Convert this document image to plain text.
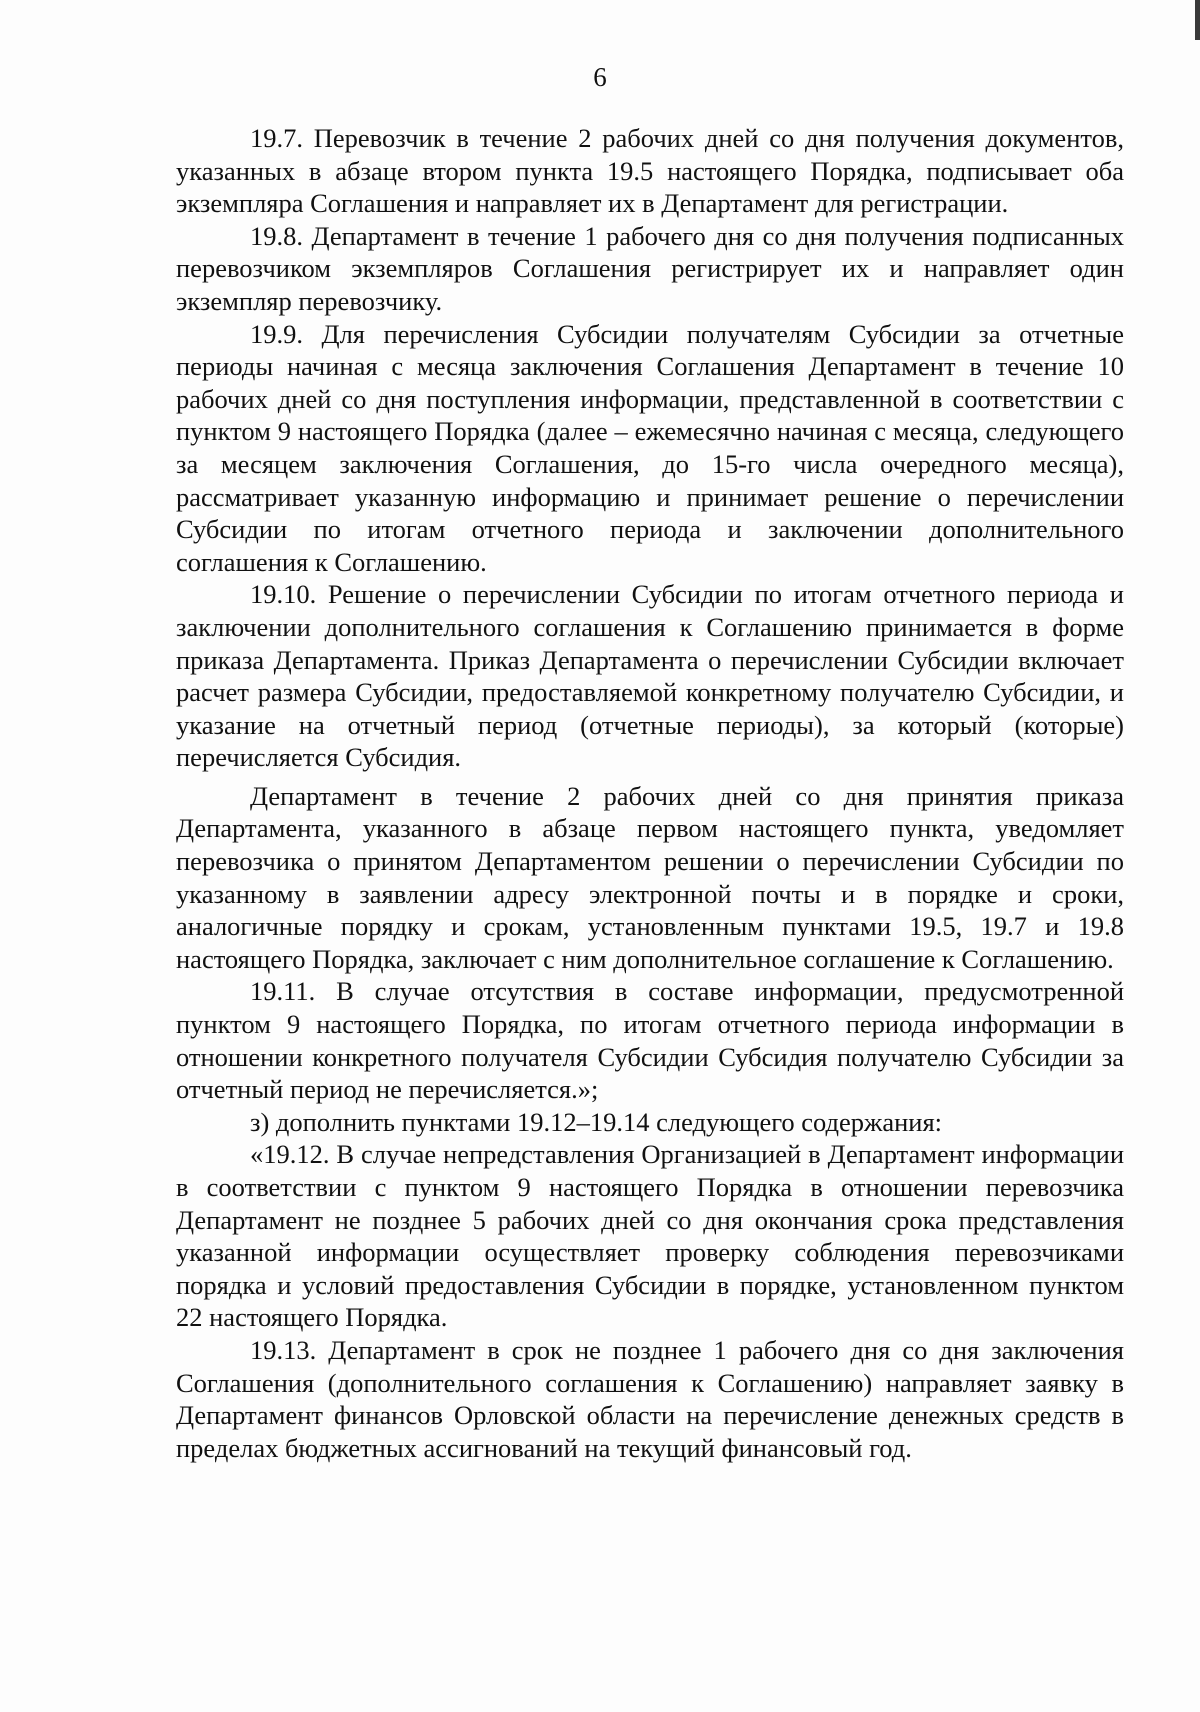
6

19.7. Перевозчик в течение 2 рабочих дней со дня получения документов, указанных в абзаце втором пункта 19.5 настоящего Порядка, подписывает оба экземпляра Соглашения и направляет их в Департамент для регистрации.

19.8. Департамент в течение 1 рабочего дня со дня получения подписанных перевозчиком экземпляров Соглашения регистрирует их и направляет один экземпляр перевозчику.

19.9. Для перечисления Субсидии получателям Субсидии за отчетные периоды начиная с месяца заключения Соглашения Департамент в течение 10 рабочих дней со дня поступления информации, представленной в соответствии с пунктом 9 настоящего Порядка (далее – ежемесячно начиная с месяца, следующего за месяцем заключения Соглашения, до 15-го числа очередного месяца), рассматривает указанную информацию и принимает решение о перечислении Субсидии по итогам отчетного периода и заключении дополнительного соглашения к Соглашению.

19.10. Решение о перечислении Субсидии по итогам отчетного периода и заключении дополнительного соглашения к Соглашению принимается в форме приказа Департамента. Приказ Департамента о перечислении Субсидии включает расчет размера Субсидии, предоставляемой конкретному получателю Субсидии, и указание на отчетный период (отчетные периоды), за который (которые) перечисляется Субсидия.

Департамент в течение 2 рабочих дней со дня принятия приказа Департамента, указанного в абзаце первом настоящего пункта, уведомляет перевозчика о принятом Департаментом решении о перечислении Субсидии по указанному в заявлении адресу электронной почты и в порядке и сроки, аналогичные порядку и срокам, установленным пунктами 19.5, 19.7 и 19.8 настоящего Порядка, заключает с ним дополнительное соглашение к Соглашению.

19.11. В случае отсутствия в составе информации, предусмотренной пунктом 9 настоящего Порядка, по итогам отчетного периода информации в отношении конкретного получателя Субсидии Субсидия получателю Субсидии за отчетный период не перечисляется.»;

з) дополнить пунктами 19.12–19.14 следующего содержания:

«19.12. В случае непредставления Организацией в Департамент информации в соответствии с пунктом 9 настоящего Порядка в отношении перевозчика Департамент не позднее 5 рабочих дней со дня окончания срока представления указанной информации осуществляет проверку соблюдения перевозчиками порядка и условий предоставления Субсидии в порядке, установленном пунктом 22 настоящего Порядка.

19.13. Департамент в срок не позднее 1 рабочего дня со дня заключения Соглашения (дополнительного соглашения к Соглашению) направляет заявку в Департамент финансов Орловской области на перечисление денежных средств в пределах бюджетных ассигнований на текущий финансовый год.
